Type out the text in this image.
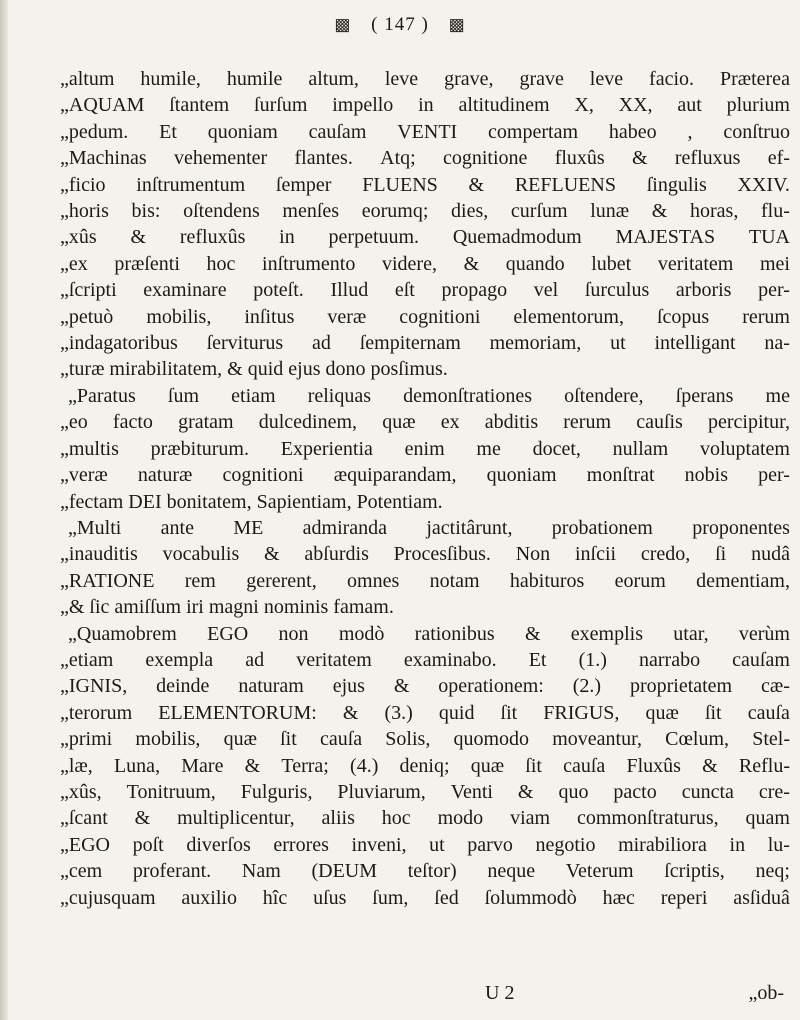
▩ ( 147 ) ▩
„altum humile, humile altum, leve grave, grave leve facio. Præterea
„AQUAM ſtantem ſurſum impello in altitudinem X, XX, aut plurium
„pedum. Et quoniam cauſam VENTI compertam habeo , conſtruo
„Machinas vehementer flantes. Atq; cognitione fluxûs & refluxus ef-
„ficio inſtrumentum ſemper FLUENS & REFLUENS ſingulis XXIV.
„horis bis: oſtendens menſes eorumq; dies, curſum lunæ & horas, flu-
„xûs & refluxûs in perpetuum. Quemadmodum MAJESTAS TUA
„ex præſenti hoc inſtrumento videre, & quando lubet veritatem mei
„ſcripti examinare poteſt. Illud eſt propago vel ſurculus arboris per-
„petuò mobilis, inſitus veræ cognitioni elementorum, ſcopus rerum
„indagatoribus ſerviturus ad ſempiternam memoriam, ut intelligant na-
„turæ mirabilitatem, & quid ejus dono posſimus.
„Paratus ſum etiam reliquas demonſtrationes oſtendere, ſperans me
„eo facto gratam dulcedinem, quæ ex abditis rerum cauſis percipitur,
„multis præbiturum. Experientia enim me docet, nullam voluptatem
„veræ naturæ cognitioni æquiparandam, quoniam monſtrat nobis per-
„fectam DEI bonitatem, Sapientiam, Potentiam.
„Multi ante ME admiranda jactitârunt, probationem proponentes
„inauditis vocabulis & abſurdis Procesſibus. Non inſcii credo, ſi nudâ
„RATIONE rem gererent, omnes notam habituros eorum dementiam,
„& ſic amiſſum iri magni nominis famam.
„Quamobrem EGO non modò rationibus & exemplis utar, verùm
„etiam exempla ad veritatem examinabo. Et (1.) narrabo cauſam
„IGNIS, deinde naturam ejus & operationem: (2.) proprietatem cæ-
„terorum ELEMENTORUM: & (3.) quid ſit FRIGUS, quæ ſit cauſa
„primi mobilis, quæ ſit cauſa Solis, quomodo moveantur, Cœlum, Stel-
„læ, Luna, Mare & Terra; (4.) deniq; quæ ſit cauſa Fluxûs & Reflu-
„xûs, Tonitruum, Fulguris, Pluviarum, Venti & quo pacto cuncta cre-
„ſcant & multiplicentur, aliis hoc modo viam commonſtraturus, quam
„EGO poſt diverſos errores inveni, ut parvo negotio mirabiliora in lu-
„cem proferant. Nam (DEUM teſtor) neque Veterum ſcriptis, neq;
„cujusquam auxilio hîc uſus ſum, ſed ſolummodò hæc reperi asſiduâ
U 2	„ob-
